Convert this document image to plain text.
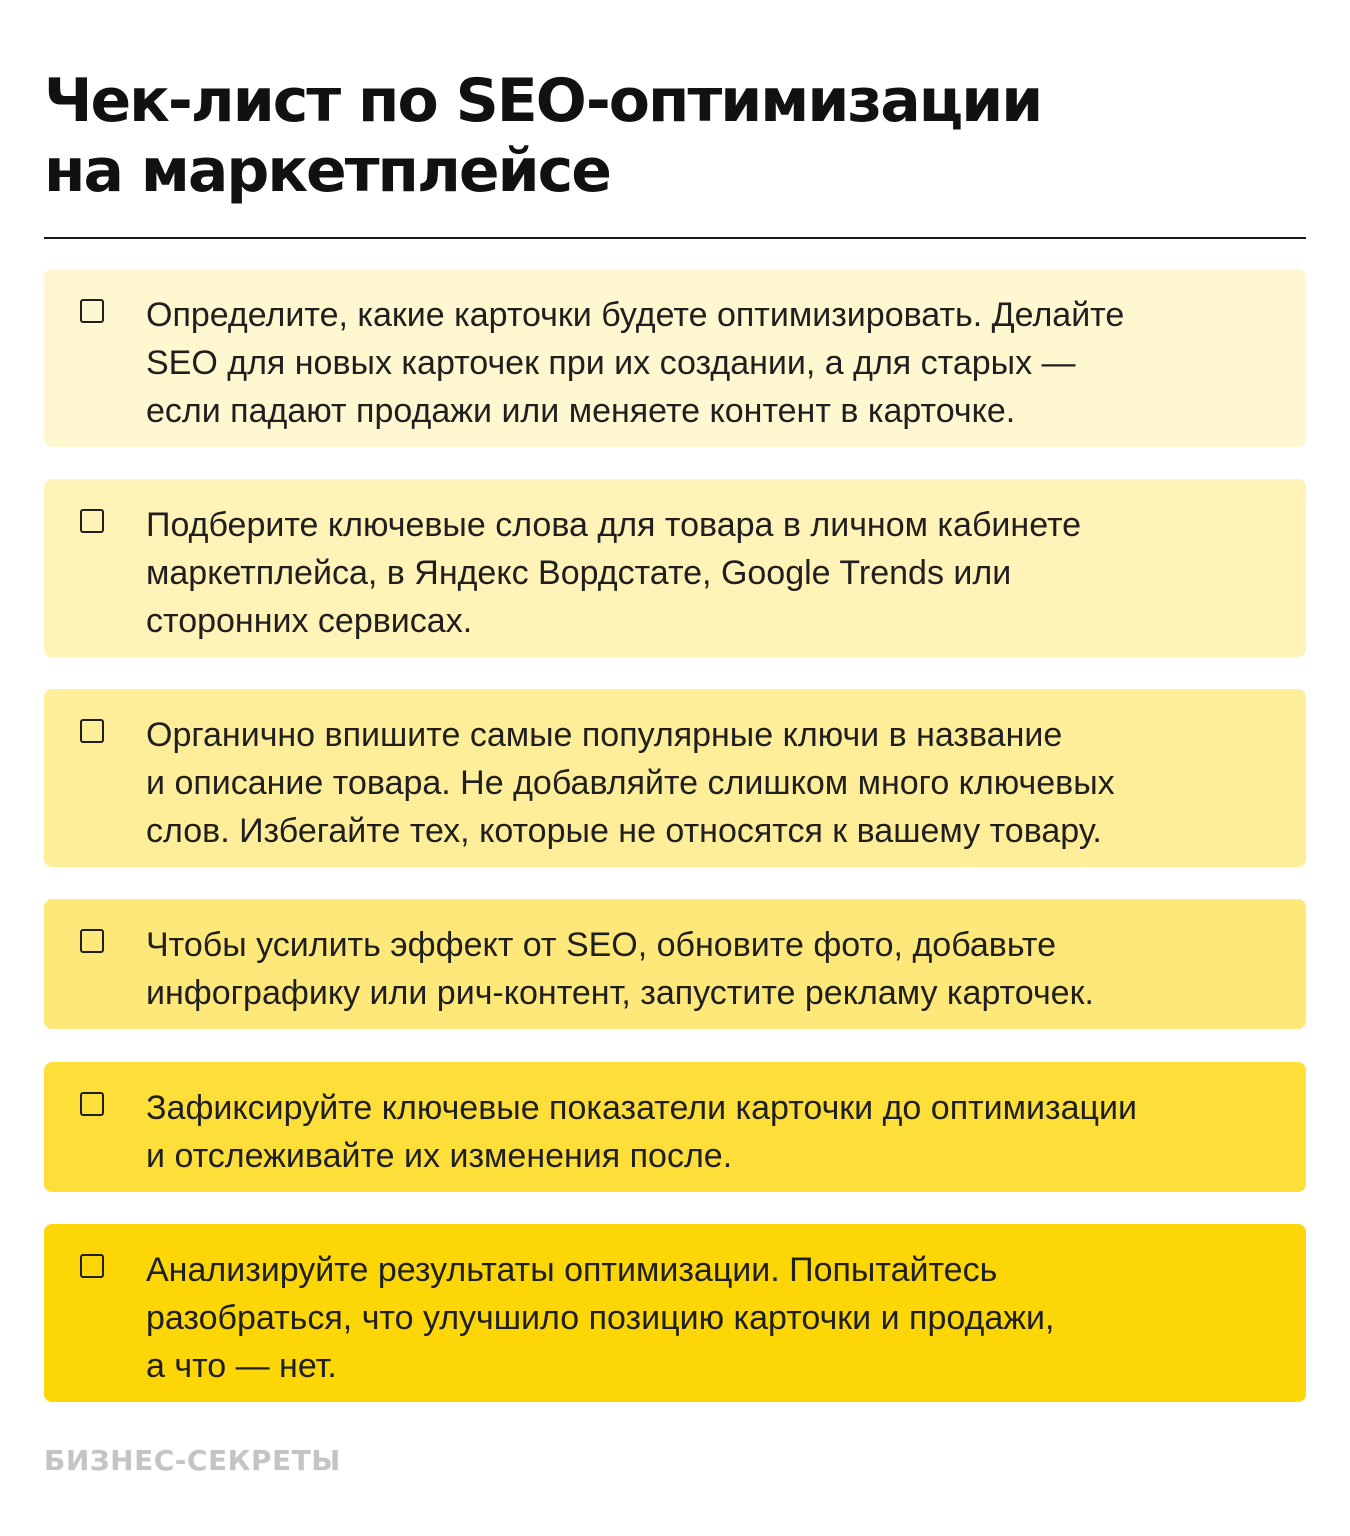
Чек-лист по SEO-оптимизации
на маркетплейсе

Определите, какие карточки будете оптимизировать. Делайте
SEO для новых карточек при их создании, а для старых —
если падают продажи или меняете контент в карточке.

Подберите ключевые слова для товара в личном кабинете
маркетплейса, в Яндекс Вордстате, Google Trends или
сторонних сервисах.

Органично впишите самые популярные ключи в название
и описание товара. Не добавляйте слишком много ключевых
слов. Избегайте тех, которые не относятся к вашему товару.

Чтобы усилить эффект от SEO, обновите фото, добавьте
инфографику или рич-контент, запустите рекламу карточек.

Зафиксируйте ключевые показатели карточки до оптимизации
и отслеживайте их изменения после.

Анализируйте результаты оптимизации. Попытайтесь
разобраться, что улучшило позицию карточки и продажи,
а что — нет.

БИЗНЕС-СЕКРЕТЫ
